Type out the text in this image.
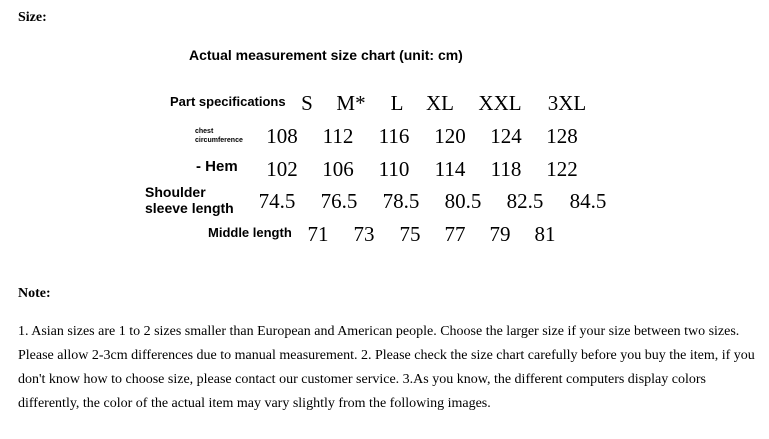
Size:

Actual measurement size chart (unit: cm)
Part specifications S M* L XL XXL 3XL
chest
circumference 108 112 116 120 124 128
- Hem 102 106 110 114 118 122
Shoulder
sleeve length 74.5 76.5 78.5 80.5 82.5 84.5
Middle length 71 73 75 77 79 81

Note:

1. Asian sizes are 1 to 2 sizes smaller than European and American people. Choose the larger size if your size between two sizes. Please allow 2-3cm differences due to manual measurement. 2. Please check the size chart carefully before you buy the item, if you don't know how to choose size, please contact our customer service. 3.As you know, the different computers display colors differently, the color of the actual item may vary slightly from the following images.
